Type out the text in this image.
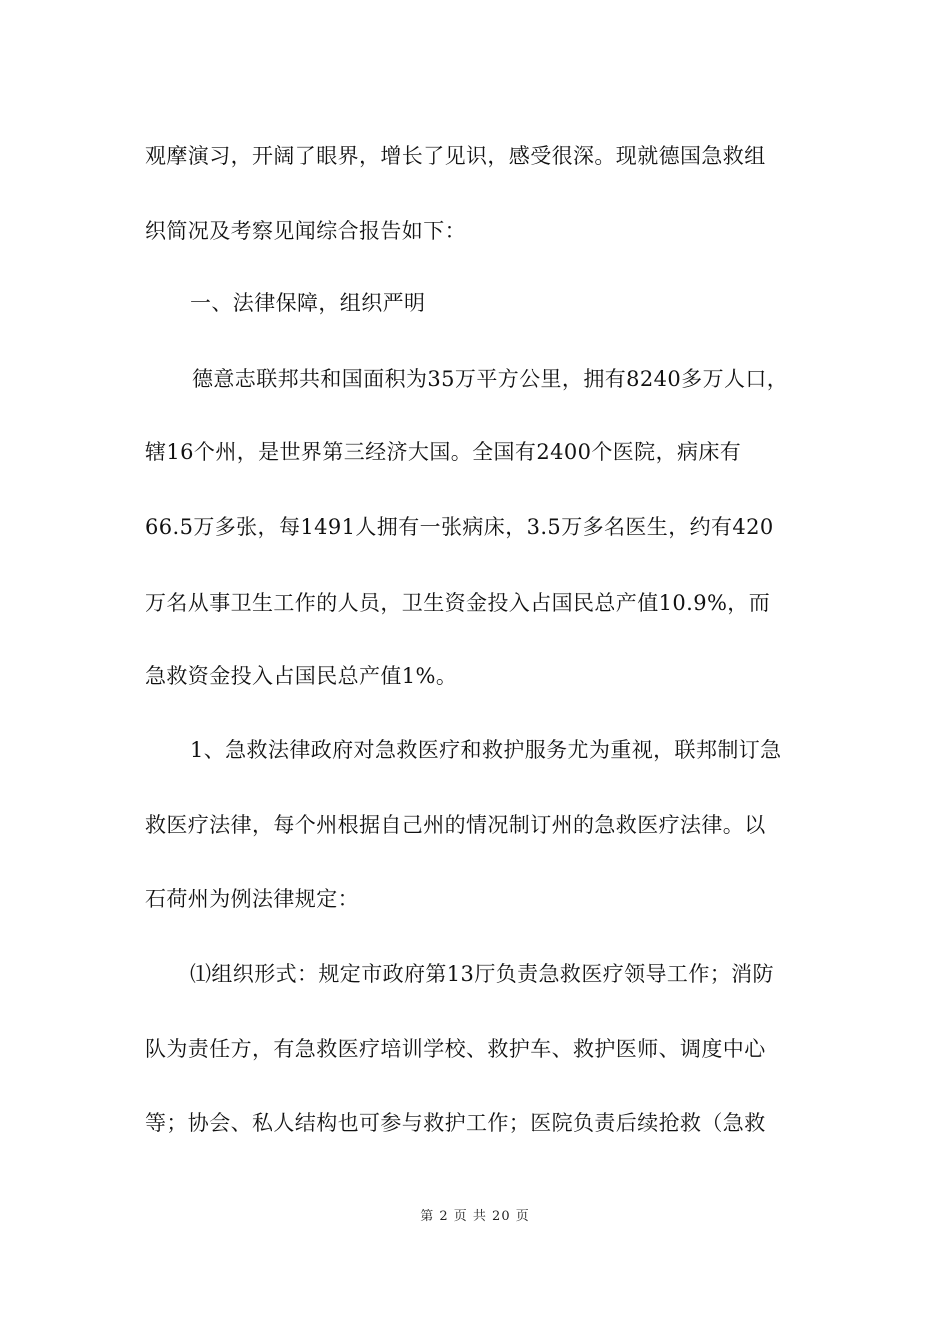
观摩演习，开阔了眼界，增长了见识，感受很深。现就德国急救组
织简况及考察见闻综合报告如下：
一、法律保障，组织严明
德意志联邦共和国面积为35万平方公里，拥有8240多万人口，
辖16个州，是世界第三经济大国。全国有2400个医院，病床有
66.5万多张，每1491人拥有一张病床，3.5万多名医生，约有420
万名从事卫生工作的人员，卫生资金投入占国民总产值10.9%，而
急救资金投入占国民总产值1%。
1、急救法律政府对急救医疗和救护服务尤为重视，联邦制订急
救医疗法律，每个州根据自己州的情况制订州的急救医疗法律。以
石荷州为例法律规定：
⑴组织形式：规定市政府第13厅负责急救医疗领导工作；消防
队为责任方，有急救医疗培训学校、救护车、救护医师、调度中心
等；协会、私人结构也可参与救护工作；医院负责后续抢救（急救
第 2 页 共 20 页
